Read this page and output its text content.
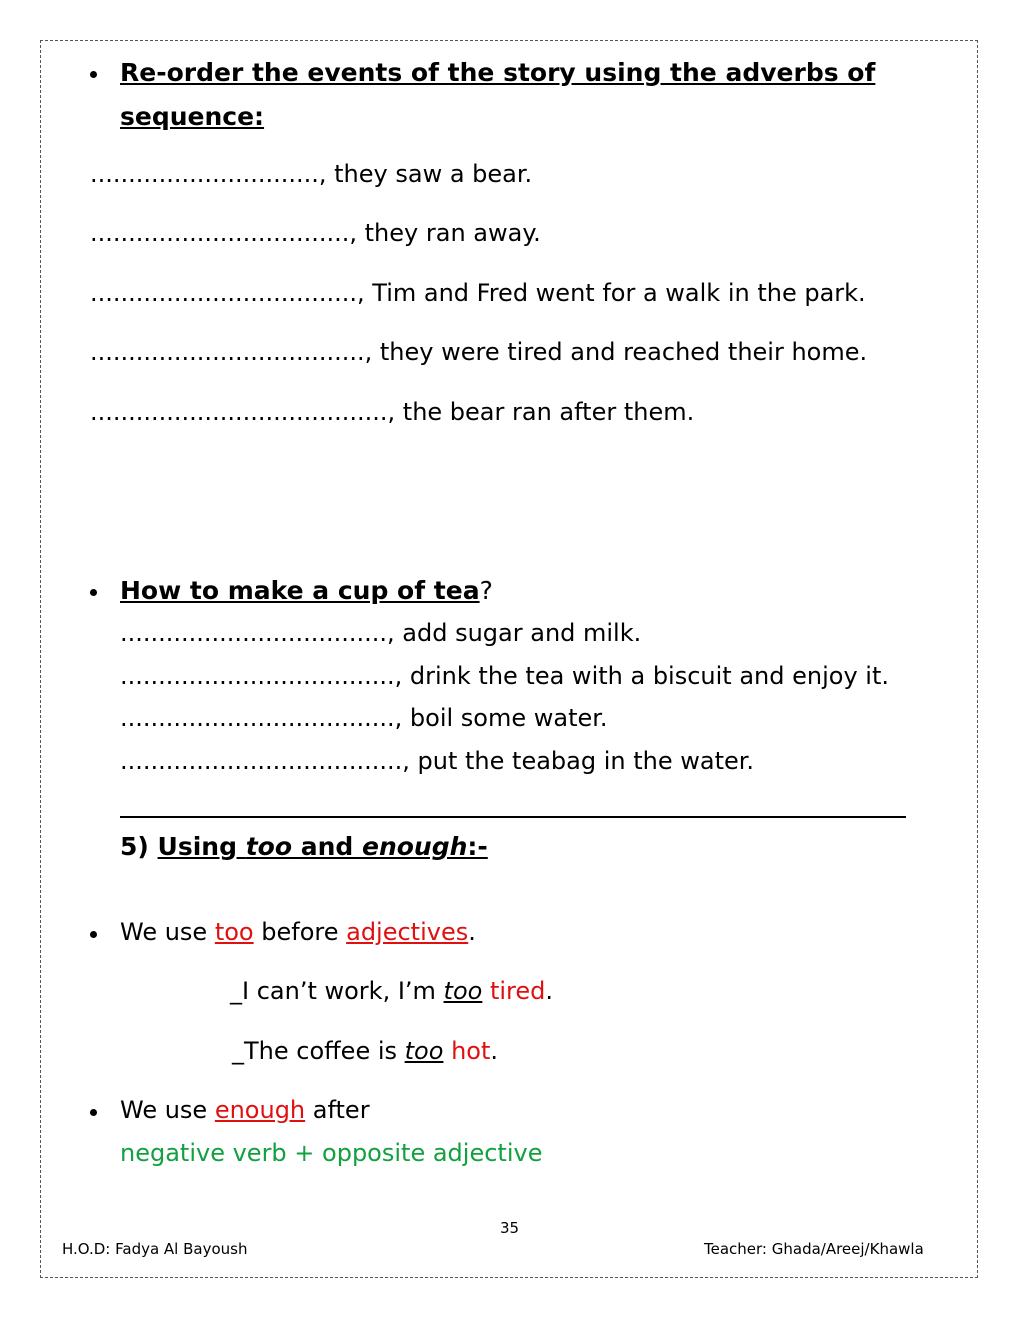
Re-order the events of the story using the adverbs of
sequence:
.............................., they saw a bear.
.................................., they ran away.
..................................., Tim and Fred went for a walk in the park.
...................................., they were tired and reached their home.
......................................., the bear ran after them.
How to make a cup of tea?
..................................., add sugar and milk.
...................................., drink the tea with a biscuit and enjoy it.
...................................., boil some water.
....................................., put the teabag in the water.
5) Using too and enough:-
We use too before adjectives.
_I can’t work, I’m too tired.
_The coffee is too hot.
We use enough after
negative verb + opposite adjective
35
H.O.D: Fadya Al Bayoush	Teacher: Ghada/Areej/Khawla
